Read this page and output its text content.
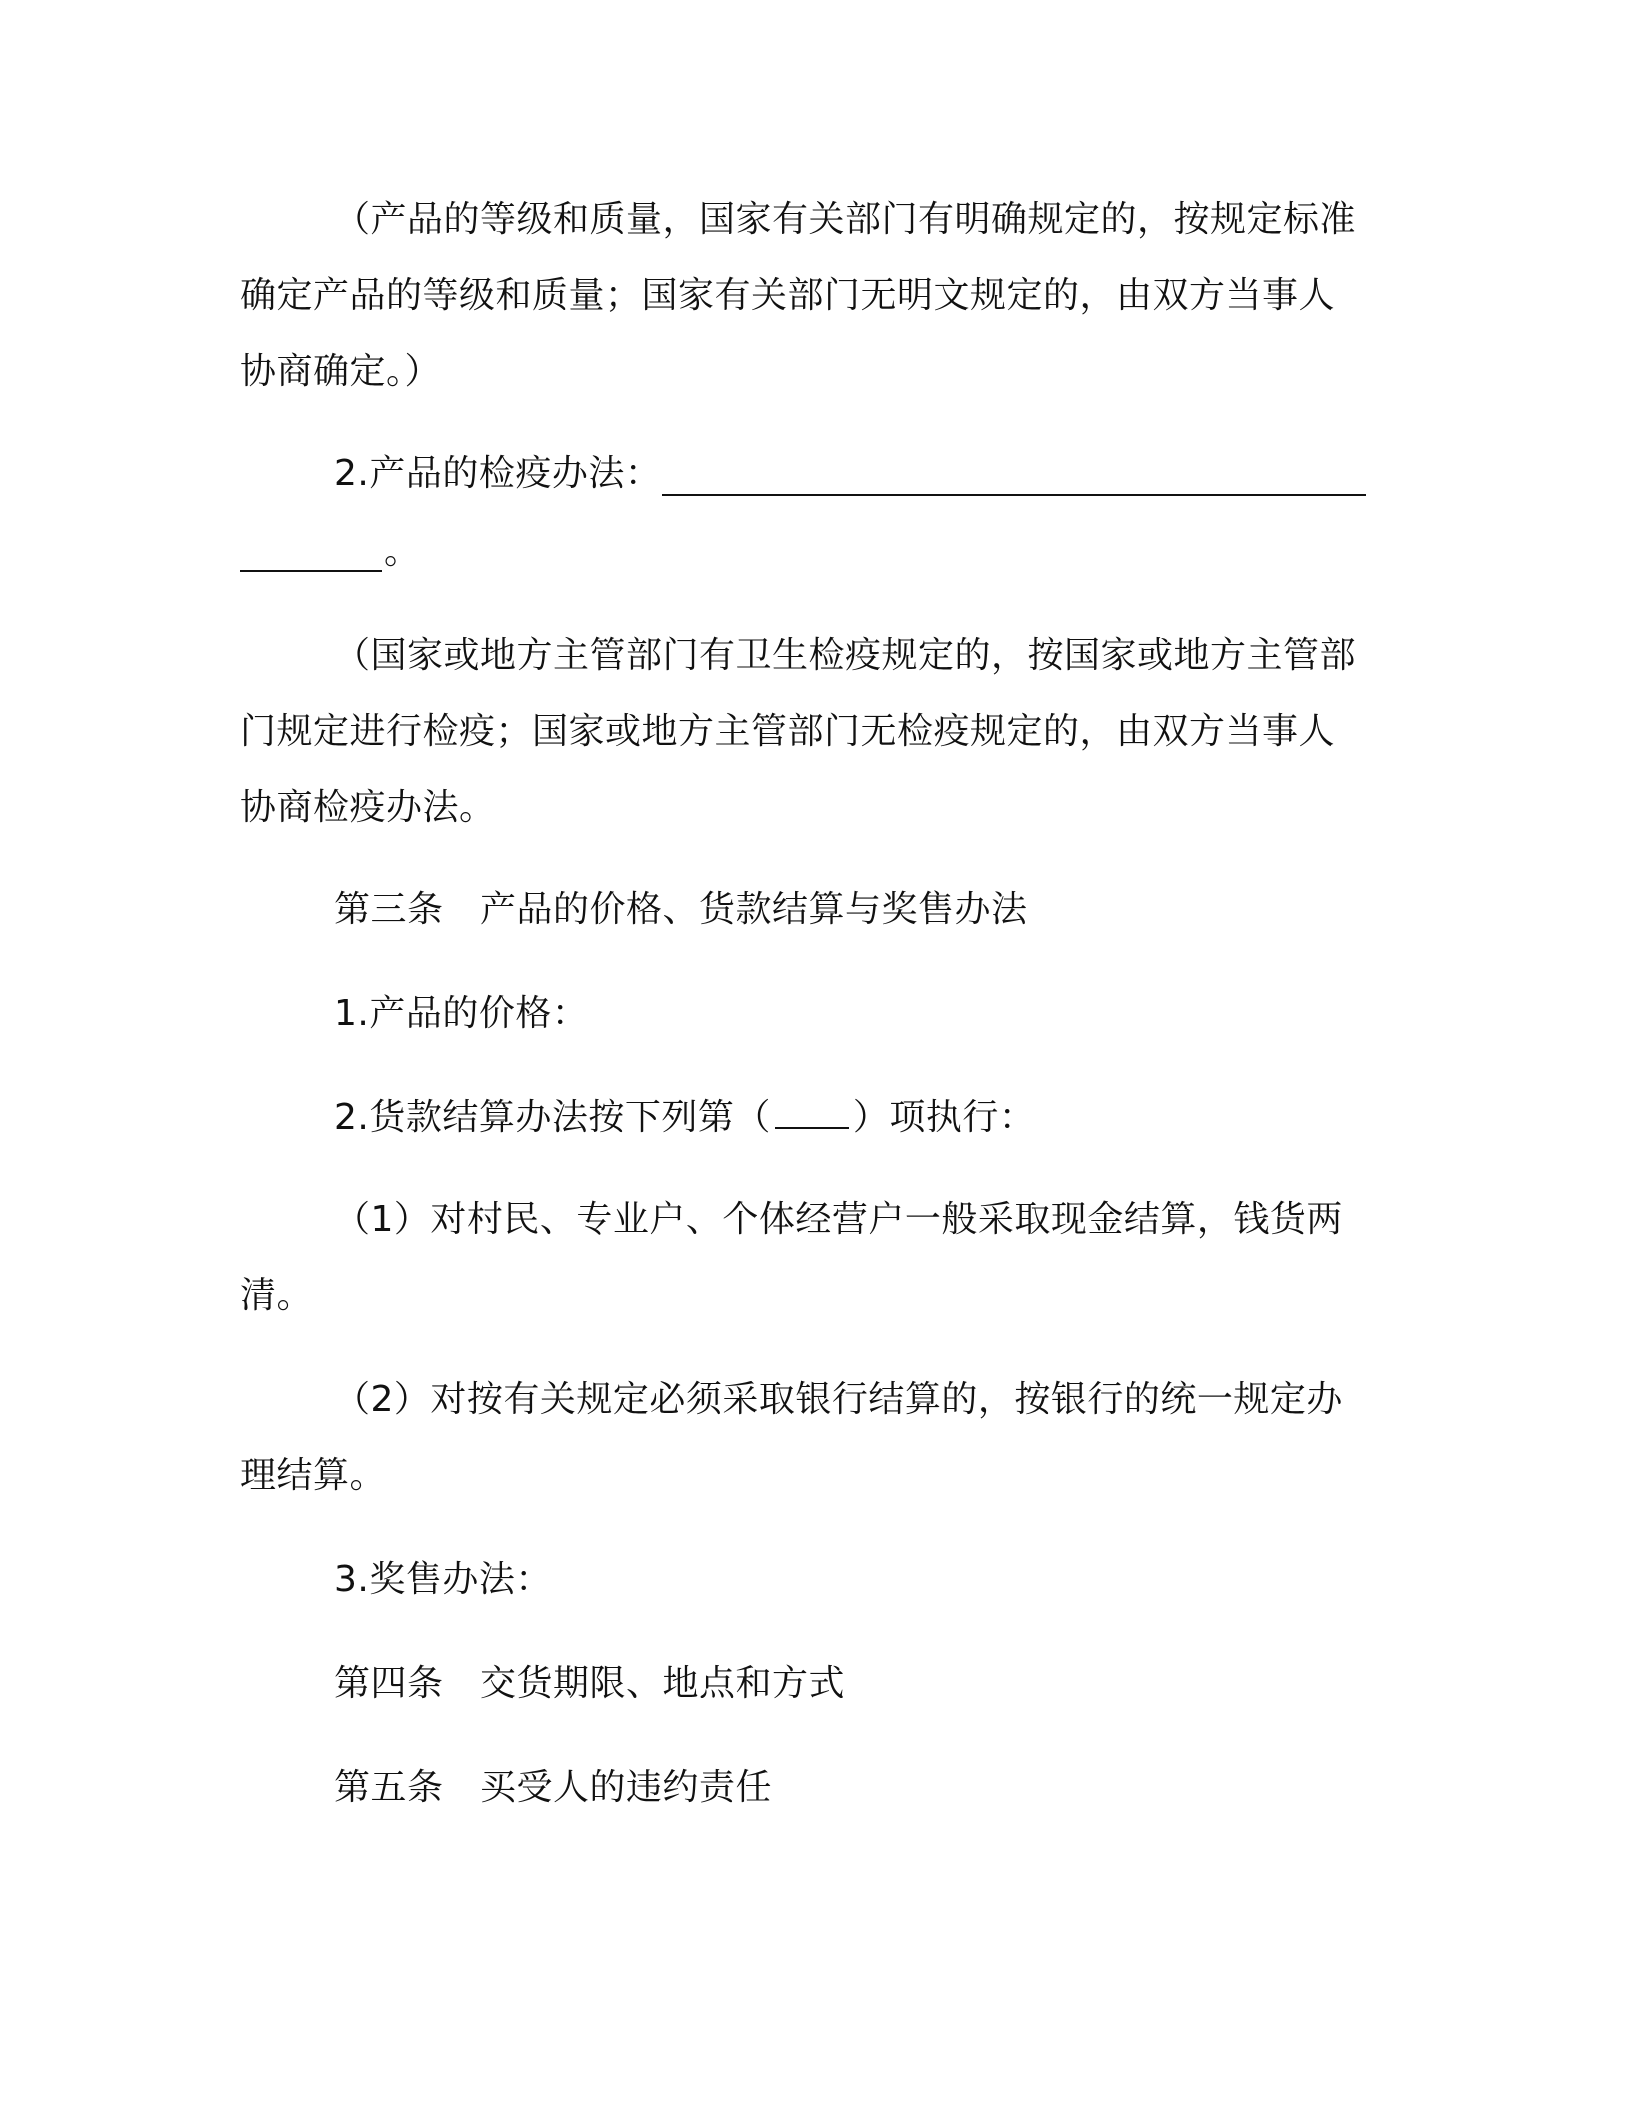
（产品的等级和质量，国家有关部门有明确规定的，按规定标准
确定产品的等级和质量；国家有关部门无明文规定的，由双方当事人
协商确定。）
2.产品的检疫办法：
。
（国家或地方主管部门有卫生检疫规定的，按国家或地方主管部
门规定进行检疫；国家或地方主管部门无检疫规定的，由双方当事人
协商检疫办法。
第三条　产品的价格、货款结算与奖售办法
1.产品的价格：
2.货款结算办法按下列第（ ）项执行：
（1）对村民、专业户、个体经营户一般采取现金结算，钱货两
清。
（2）对按有关规定必须采取银行结算的，按银行的统一规定办
理结算。
3.奖售办法：
第四条　交货期限、地点和方式
第五条　买受人的违约责任
